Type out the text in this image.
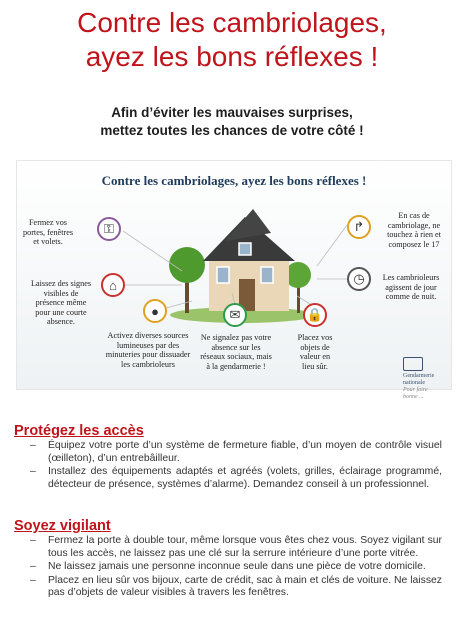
Contre les cambriolages,
ayez les bons réflexes !
Afin d’éviter les mauvaises surprises,
mettez toutes les chances de votre côté !
Contre les cambriolages, ayez les bons réflexes !
Fermez vos portes, fenêtres et volets.
⚿
Laissez des signes visibles de présence même pour une courte absence.
⌂
●
Activez diverses sources lumineuses par des minuteries pour dissuader les cambrioleurs
✉
Ne signalez pas votre absence sur les réseaux sociaux, mais à la gendarmerie !
🔒
Placez vos objets de valeur en lieu sûr.
◷	Les cambrioleurs agissent de jour comme de nuit.
↱
En cas de cambriolage, ne touchez à rien et composez le 17
Gendarmerie nationale
Pour faire bonne ...
Protégez les accès
– Équipez votre porte d’un système de fermeture fiable, d’un moyen de contrôle visuel (œilleton), d’un entrebâilleur.
– Installez des équipements adaptés et agréés (volets, grilles, éclairage programmé, détecteur de présence, systèmes d’alarme). Demandez conseil à un professionnel.
Soyez vigilant
– Fermez la porte à double tour, même lorsque vous êtes chez vous. Soyez vigilant sur tous les accès, ne laissez pas une clé sur la serrure intérieure d’une porte vitrée.
– Ne laissez jamais une personne inconnue seule dans une pièce de votre domicile.
– Placez en lieu sûr vos bijoux, carte de crédit, sac à main et clés de voiture. Ne laissez pas d’objets de valeur visibles à travers les fenêtres.
